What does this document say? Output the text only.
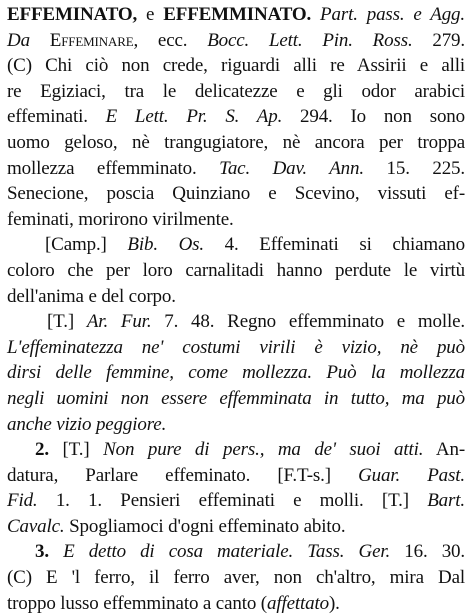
EFFEMINATO, e EFFEMMINATO. Part. pass. e Agg.
Da Effeminare, ecc. Bocc. Lett. Pin. Ross. 279.
(C) Chi ciò non crede, riguardi alli re Assirii e alli
re Egiziaci, tra le delicatezze e gli odor arabici
effeminati. E Lett. Pr. S. Ap. 294. Io non sono
uomo geloso, nè trangugiatore, nè ancora per troppa
mollezza effemminato. Tac. Dav. Ann. 15. 225.
Senecione, poscia Quinziano e Scevino, vissuti ef-
feminati, morirono virilmente.
[Camp.] Bib. Os. 4. Effeminati si chiamano
coloro che per loro carnalitadi hanno perdute le virtù
dell'anima e del corpo.
[T.] Ar. Fur. 7. 48. Regno effemminato e molle.
L'effeminatezza ne' costumi virili è vizio, nè può
dirsi delle femmine, come mollezza. Può la mollezza
negli uomini non essere effemminata in tutto, ma può
anche vizio peggiore.
2. [T.] Non pure di pers., ma de' suoi atti. An-
datura, Parlare effeminato. [F.T-s.] Guar. Past.
Fid. 1. 1. Pensieri effeminati e molli. [T.] Bart.
Cavalc. Spogliamoci d'ogni effeminato abito.
3. E detto di cosa materiale. Tass. Ger. 16. 30.
(C) E 'l ferro, il ferro aver, non ch'altro, mira Dal
troppo lusso effemminato a canto (affettato).
